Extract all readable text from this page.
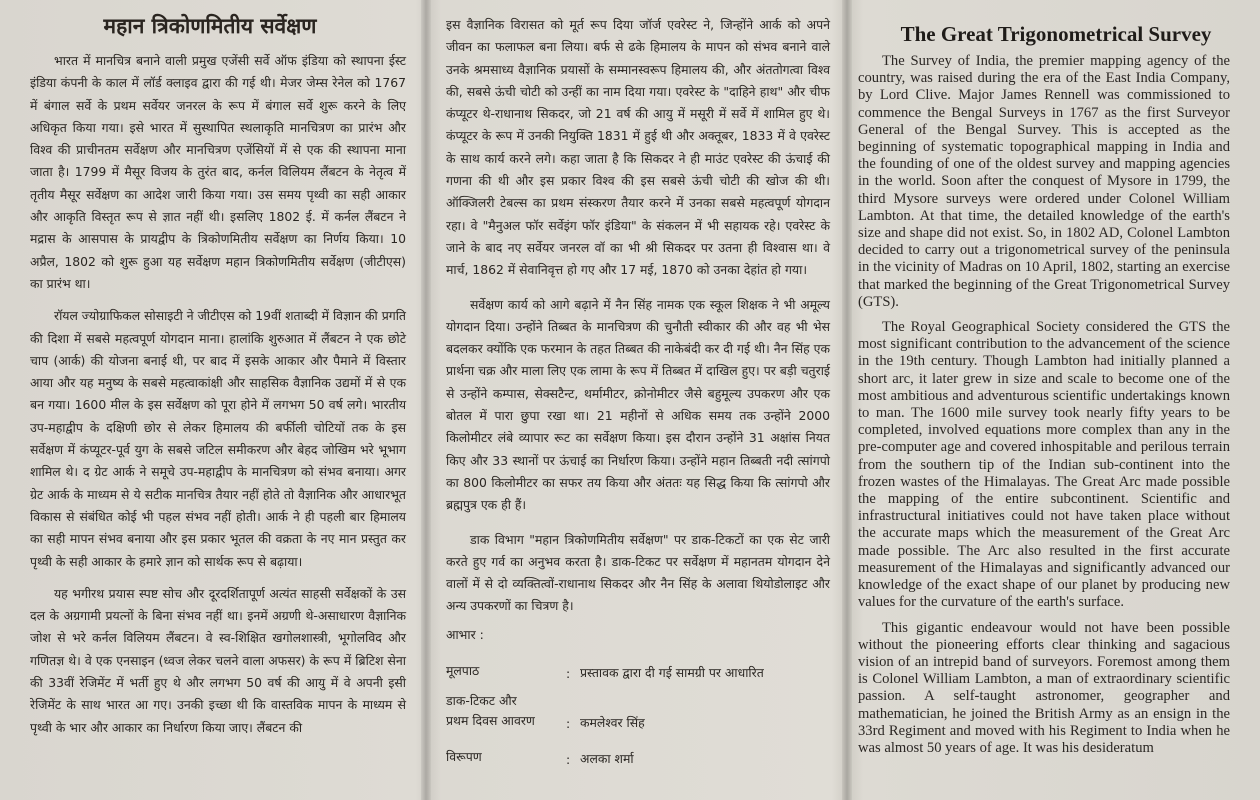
महान त्रिकोणमितीय सर्वेक्षण

भारत में मानचित्र बनाने वाली प्रमुख एजेंसी सर्वे ऑफ इंडिया को स्थापना ईस्ट इंडिया कंपनी के काल में लॉर्ड क्लाइव द्वारा की गई थी। मेजर जेम्स रेनेल को 1767 में बंगाल सर्वे के प्रथम सर्वेयर जनरल के रूप में बंगाल सर्वे शुरू करने के लिए अधिकृत किया गया। इसे भारत में सुस्थापित स्थलाकृति मानचित्रण का प्रारंभ और विश्व की प्राचीनतम सर्वेक्षण और मानचित्रण एजेंसियों में से एक की स्थापना माना जाता है। 1799 में मैसूर विजय के तुरंत बाद, कर्नल विलियम लैंबटन के नेतृत्व में तृतीय मैसूर सर्वेक्षण का आदेश जारी किया गया। उस समय पृथ्वी का सही आकार और आकृति विस्तृत रूप से ज्ञात नहीं थी। इसलिए 1802 ई. में कर्नल लैंबटन ने मद्रास के आसपास के प्रायद्वीप के त्रिकोणमितीय सर्वेक्षण का निर्णय किया। 10 अप्रैल, 1802 को शुरू हुआ यह सर्वेक्षण महान त्रिकोणमितीय सर्वेक्षण (जीटीएस) का प्रारंभ था।

रॉयल ज्योग्राफिकल सोसाइटी ने जीटीएस को 19वीं शताब्दी में विज्ञान की प्रगति की दिशा में सबसे महत्वपूर्ण योगदान माना। हालांकि शुरुआत में लैंबटन ने एक छोटे चाप (आर्क) की योजना बनाई थी, पर बाद में इसके आकार और पैमाने में विस्तार आया और यह मनुष्य के सबसे महत्वाकांक्षी और साहसिक वैज्ञानिक उद्यमों में से एक बन गया। 1600 मील के इस सर्वेक्षण को पूरा होने में लगभग 50 वर्ष लगे। भारतीय उप-महाद्वीप के दक्षिणी छोर से लेकर हिमालय की बर्फीली चोटियों तक के इस सर्वेक्षण में कंप्यूटर-पूर्व युग के सबसे जटिल समीकरण और बेहद जोखिम भरे भूभाग शामिल थे। द ग्रेट आर्क ने समूचे उप-महाद्वीप के मानचित्रण को संभव बनाया। अगर ग्रेट आर्क के माध्यम से ये सटीक मानचित्र तैयार नहीं होते तो वैज्ञानिक और आधारभूत विकास से संबंधित कोई भी पहल संभव नहीं होती। आर्क ने ही पहली बार हिमालय का सही मापन संभव बनाया और इस प्रकार भूतल की वक्रता के नए मान प्रस्तुत कर पृथ्वी के सही आकार के हमारे ज्ञान को सार्थक रूप से बढ़ाया।

यह भगीरथ प्रयास स्पष्ट सोच और दूरदर्शितापूर्ण अत्यंत साहसी सर्वेक्षकों के उस दल के अग्रगामी प्रयत्नों के बिना संभव नहीं था। इनमें अग्रणी थे-असाधारण वैज्ञानिक जोश से भरे कर्नल विलियम लैंबटन। वे स्व-शिक्षित खगोलशास्त्री, भूगोलविद और गणितज्ञ थे। वे एक एनसाइन (ध्वज लेकर चलने वाला अफसर) के रूप में ब्रिटिश सेना की 33वीं रेजिमेंट में भर्ती हुए थे और लगभग 50 वर्ष की आयु में वे अपनी इसी रेजिमेंट के साथ भारत आ गए। उनकी इच्छा थी कि वास्तविक मापन के माध्यम से पृथ्वी के भार और आकार का निर्धारण किया जाए। लैंबटन की

इस वैज्ञानिक विरासत को मूर्त रूप दिया जॉर्ज एवरेस्ट ने, जिन्होंने आर्क को अपने जीवन का फलाफल बना लिया। बर्फ से ढके हिमालय के मापन को संभव बनाने वाले उनके श्रमसाध्य वैज्ञानिक प्रयासों के सम्मानस्वरूप हिमालय की, और अंततोगत्वा विश्व की, सबसे ऊंची चोटी को उन्हीं का नाम दिया गया। एवरेस्ट के "दाहिने हाथ" और चीफ कंप्यूटर थे-राधानाथ सिकदर, जो 21 वर्ष की आयु में मसूरी में सर्वे में शामिल हुए थे। कंप्यूटर के रूप में उनकी नियुक्ति 1831 में हुई थी और अक्तूबर, 1833 में वे एवरेस्ट के साथ कार्य करने लगे। कहा जाता है कि सिकदर ने ही माउंट एवरेस्ट की ऊंचाई की गणना की थी और इस प्रकार विश्व की इस सबसे ऊंची चोटी की खोज की थी। ऑक्जिलरी टेबल्स का प्रथम संस्करण तैयार करने में उनका सबसे महत्वपूर्ण योगदान रहा। वे "मैनुअल फॉर सर्वेइंग फॉर इंडिया" के संकलन में भी सहायक रहे। एवरेस्ट के जाने के बाद नए सर्वेयर जनरल वॉ का भी श्री सिकदर पर उतना ही विश्वास था। वे मार्च, 1862 में सेवानिवृत्त हो गए और 17 मई, 1870 को उनका देहांत हो गया।

सर्वेक्षण कार्य को आगे बढ़ाने में नैन सिंह नामक एक स्कूल शिक्षक ने भी अमूल्य योगदान दिया। उन्होंने तिब्बत के मानचित्रण की चुनौती स्वीकार की और वह भी भेस बदलकर क्योंकि एक फरमान के तहत तिब्बत की नाकेबंदी कर दी गई थी। नैन सिंह एक प्रार्थना चक्र और माला लिए एक लामा के रूप में तिब्बत में दाखिल हुए। पर बड़ी चतुराई से उन्होंने कम्पास, सेक्सटैन्ट, थर्मामीटर, क्रोनोमीटर जैसे बहुमूल्य उपकरण और एक बोतल में पारा छुपा रखा था। 21 महीनों से अधिक समय तक उन्होंने 2000 किलोमीटर लंबे व्यापार रूट का सर्वेक्षण किया। इस दौरान उन्होंने 31 अक्षांस नियत किए और 33 स्थानों पर ऊंचाई का निर्धारण किया। उन्होंने महान तिब्बती नदी त्सांगपो का 800 किलोमीटर का सफर तय किया और अंततः यह सिद्ध किया कि त्सांगपो और ब्रह्मपुत्र एक ही हैं।

डाक विभाग "महान त्रिकोणमितीय सर्वेक्षण" पर डाक-टिकटों का एक सेट जारी करते हुए गर्व का अनुभव करता है। डाक-टिकट पर सर्वेक्षण में महानतम योगदान देने वालों में से दो व्यक्तित्वों-राधानाथ सिकदर और नैन सिंह के अलावा थियोडोलाइट और अन्य उपकरणों का चित्रण है।

आभार :
मूलपाठ	: प्रस्तावक द्वारा दी गई सामग्री पर आधारित
डाक-टिकट और
प्रथम दिवस आवरण	: कमलेश्वर सिंह
विरूपण	: अलका शर्मा
The Great Trigonometrical Survey

The Survey of India, the premier mapping agency of the country, was raised during the era of the East India Company, by Lord Clive. Major James Rennell was commissioned to commence the Bengal Surveys in 1767 as the first Surveyor General of the Bengal Survey. This is accepted as the beginning of systematic topographical mapping in India and the founding of one of the oldest survey and mapping agencies in the world. Soon after the conquest of Mysore in 1799, the third Mysore surveys were ordered under Colonel William Lambton. At that time, the detailed knowledge of the earth's size and shape did not exist. So, in 1802 AD, Colonel Lambton decided to carry out a trigonometrical survey of the peninsula in the vicinity of Madras on 10 April, 1802, starting an exercise that marked the beginning of the Great Trigonometrical Survey (GTS).

The Royal Geographical Society considered the GTS the most significant contribution to the advancement of the science in the 19th century. Though Lambton had initially planned a short arc, it later grew in size and scale to become one of the most ambitious and adventurous scientific undertakings known to man. The 1600 mile survey took nearly fifty years to be completed, involved equations more complex than any in the pre-computer age and covered inhospitable and perilous terrain from the southern tip of the Indian sub-continent into the frozen wastes of the Himalayas. The Great Arc made possible the mapping of the entire subcontinent. Scientific and infrastructural initiatives could not have taken place without the accurate maps which the measurement of the Great Arc made possible. The Arc also resulted in the first accurate measurement of the Himalayas and significantly advanced our knowledge of the exact shape of our planet by producing new values for the curvature of the earth's surface.

This gigantic endeavour would not have been possible without the pioneering efforts clear thinking and sagacious vision of an intrepid band of surveyors. Foremost among them is Colonel William Lambton, a man of extraordinary scientific passion. A self-taught astronomer, geographer and mathematician, he joined the British Army as an ensign in the 33rd Regiment and moved with his Regiment to India when he was almost 50 years of age. It was his desideratum
